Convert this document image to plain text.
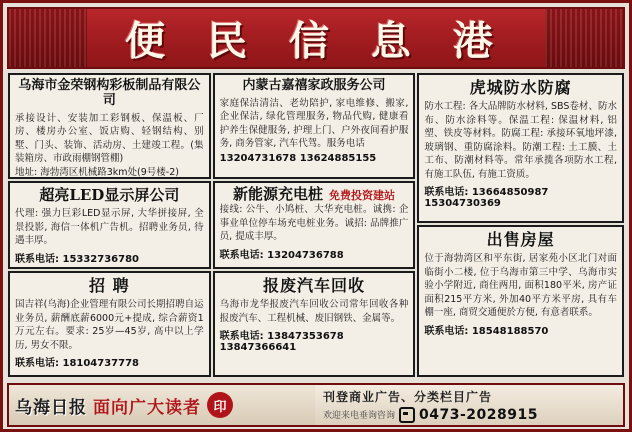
便 民 信 息 港
乌海市金荣钢构彩板制品有限公司
承接设计、安装加工彩钢板、保温板、厂房、楼房办公室、饭店购、轻钢结构、别墅、门头、装饰、活动房、土建竣工程。(集装箱房、市政雨棚钢管棚)
地址: 海勃湾区机械路3km处(9号楼-2)
超亮LED显示屏公司
代理: 强力巨彩LED显示屏, 大华拼接屏, 全景投影, 海信一体机广告机。招聘业务员, 待遇丰厚。
联系电话: 15332736780
招 聘
国吉祥(乌海)企业管理有限公司长期招聘自运业务员, 薪酬底薪6000元+提成, 综合薪资1万元左右。要求: 25岁—45岁, 高中以上学历, 男女不限。
联系电话: 18104737778
内蒙古嘉禧家政服务公司
家庭保洁清洁、老幼陪护, 家电维修、搬家, 企业保洁, 绿化管理服务, 物品代购, 健康看护养生保健服务, 护理上门、户外夜间看护服务, 商务管家, 汽车代驾。服务电话
13204731678 13624885155
新能源充电桩 免费投资建站
接线: 公牛、小鸠桩、大华充电桩。诚携: 企事业单位停车场充电桩业务。诚招: 品牌推广员, 提成丰厚。
联系电话: 13204736788
报废汽车回收
乌海市龙华报废汽车回收公司常年回收各种报废汽车、工程机械、废旧钢铁、金属等。
联系电话: 13847353678 13847366641
虎城防水防腐
防水工程: 各大品牌防水材料, SBS卷材、防水布、防水涂料等。保温工程: 保温材料, 铝塑、铁皮等材料。防腐工程: 承接环氧地坪漆, 玻璃钢、重防腐涂料。防潮工程: 土工膜、土工布、防潮材料等。常年承揽各项防水工程, 有施工队伍, 有施工资质。
联系电话: 13664850987 15304730369
出售房屋
位于海勃湾区和平东街, 居家苑小区北门对面临街小二楼, 位于乌海市第三中学、乌海市实验小学附近, 商住两用, 面积180平米, 房产证面积215平方米, 外加40平方米平房, 具有车棚一座, 商贸交通便於方便, 有意者联系。
联系电话: 18548188570
乌海日报 面向广大读者 印
刊登商业广告、分类栏目广告
欢迎来电垂询咨询 0473-2028915
